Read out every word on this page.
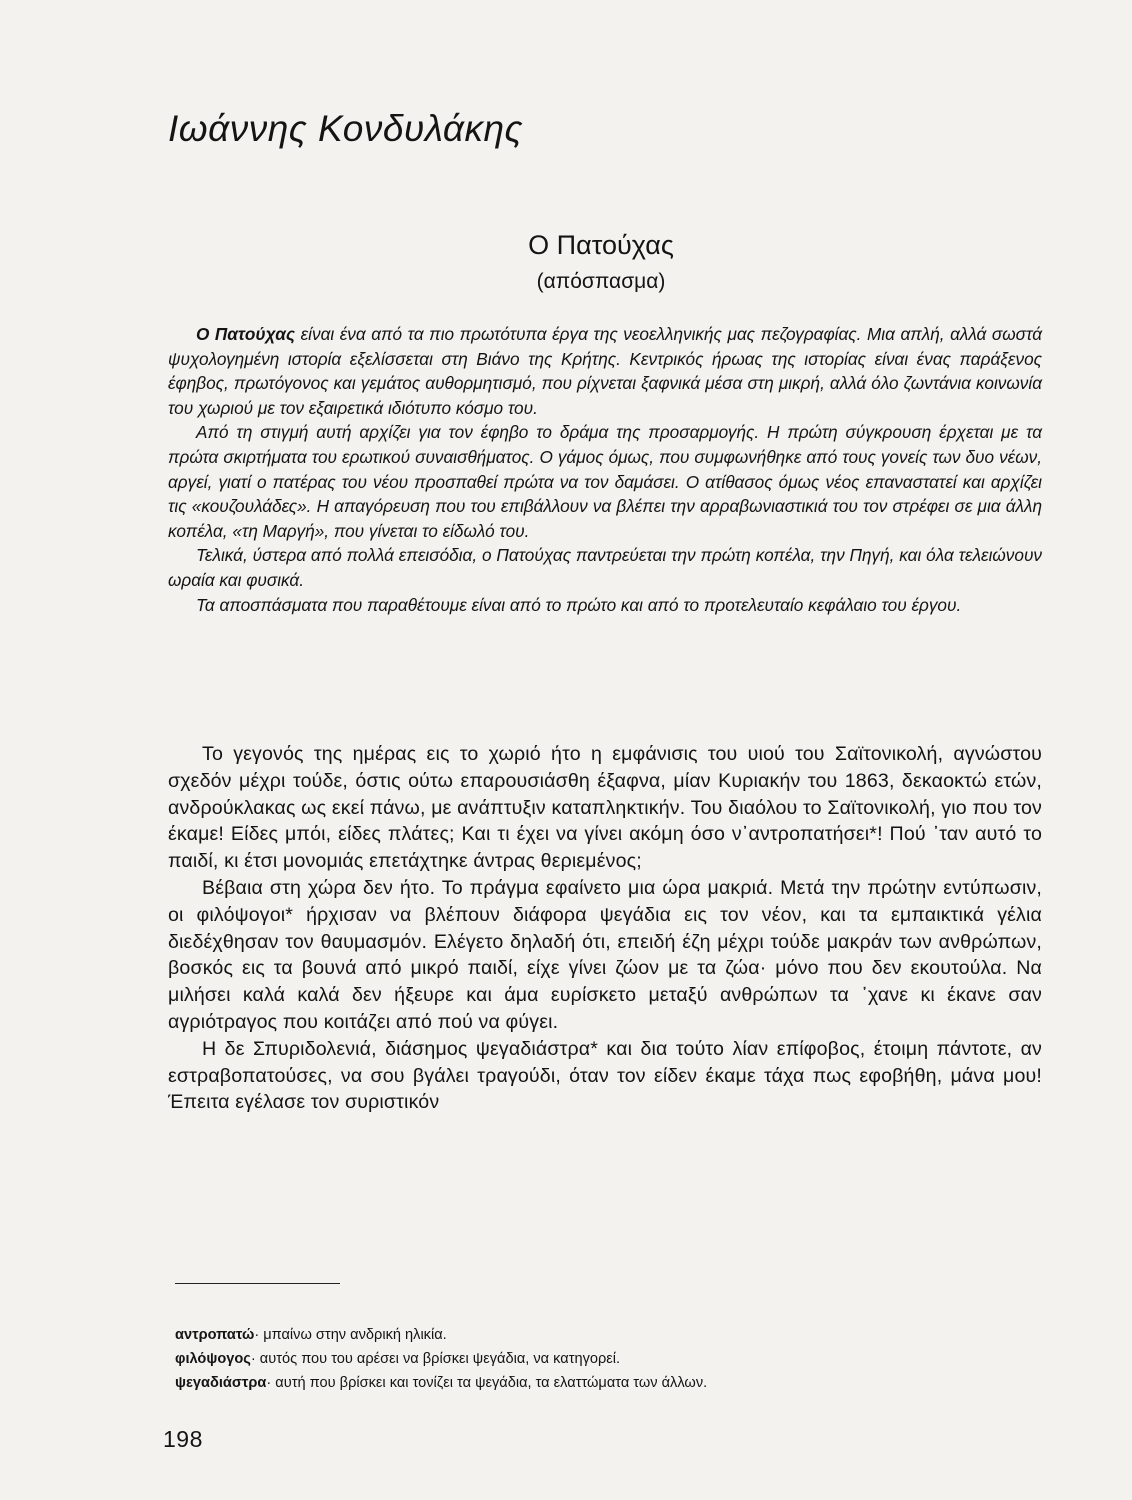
Ιωάννης Κονδυλάκης
Ο Πατούχας
(απόσπασμα)

Ο Πατούχας είναι ένα από τα πιο πρωτότυπα έργα της νεοελληνικής μας πεζογραφίας. Μια απλή, αλλά σωστά ψυχολογημένη ιστορία εξελίσσεται στη Βιάνο της Κρήτης. Κεντρικός ήρωας της ιστορίας είναι ένας παράξενος έφηβος, πρωτόγονος και γεμάτος αυθορμητισμό, που ρίχνεται ξαφνικά μέσα στη μικρή, αλλά όλο ζωντάνια κοινωνία του χωριού με τον εξαιρετικά ιδιότυπο κόσμο του.

Από τη στιγμή αυτή αρχίζει για τον έφηβο το δράμα της προσαρμογής. Η πρώτη σύγκρουση έρχεται με τα πρώτα σκιρτήματα του ερωτικού συναισθήματος. Ο γάμος όμως, που συμφωνήθηκε από τους γονείς των δυο νέων, αργεί, γιατί ο πατέρας του νέου προσπαθεί πρώτα να τον δαμάσει. Ο ατίθασος όμως νέος επαναστατεί και αρχίζει τις «κουζουλάδες». Η απαγόρευση που του επιβάλλουν να βλέπει την αρραβωνιαστικιά του τον στρέφει σε μια άλλη κοπέλα, «τη Μαργή», που γίνεται το είδωλό του.

Τελικά, ύστερα από πολλά επεισόδια, ο Πατούχας παντρεύεται την πρώτη κοπέλα, την Πηγή, και όλα τελειώνουν ωραία και φυσικά.

Τα αποσπάσματα που παραθέτουμε είναι από το πρώτο και από το προτελευταίο κεφάλαιο του έργου.

Το γεγονός της ημέρας εις το χωριό ήτο η εμφάνισις του υιού του Σαϊτονικολή, αγνώστου σχεδόν μέχρι τούδε, όστις ούτω επαρουσιάσθη έξαφνα, μίαν Κυριακήν του 1863, δεκαοκτώ ετών, ανδρούκλακας ως εκεί πάνω, με ανάπτυξιν καταπληκτικήν. Του διαόλου το Σαϊτονικολή, γιο που τον έκαμε! Είδες μπόι, είδες πλάτες; Και τι έχει να γίνει ακόμη όσο ν᾽αντροπατήσει*! Πού ᾽ταν αυτό το παιδί, κι έτσι μονομιάς επετάχτηκε άντρας θεριεμένος;

Βέβαια στη χώρα δεν ήτο. Το πράγμα εφαίνετο μια ώρα μακριά. Μετά την πρώτην εντύπωσιν, οι φιλόψογοι* ήρχισαν να βλέπουν διάφορα ψεγάδια εις τον νέον, και τα εμπαικτικά γέλια διεδέχθησαν τον θαυμασμόν. Ελέγετο δηλαδή ότι, επειδή έζη μέχρι τούδε μακράν των ανθρώπων, βοσκός εις τα βουνά από μικρό παιδί, είχε γίνει ζώον με τα ζώα· μόνο που δεν εκουτούλα. Να μιλήσει καλά καλά δεν ήξευρε και άμα ευρίσκετο μεταξύ ανθρώπων τα ᾽χανε κι έκανε σαν αγριότραγος που κοιτάζει από πού να φύγει.

Η δε Σπυριδολενιά, διάσημος ψεγαδιάστρα* και δια τούτο λίαν επίφοβος, έτοιμη πάντοτε, αν εστραβοπατούσες, να σου βγάλει τραγούδι, όταν τον είδεν έκαμε τάχα πως εφοβήθη, μάνα μου! Έπειτα εγέλασε τον συριστικόν

αντροπατώ· μπαίνω στην ανδρική ηλικία.
φιλόψογος· αυτός που του αρέσει να βρίσκει ψεγάδια, να κατηγορεί.
ψεγαδιάστρα· αυτή που βρίσκει και τονίζει τα ψεγάδια, τα ελαττώματα των άλλων.
198
